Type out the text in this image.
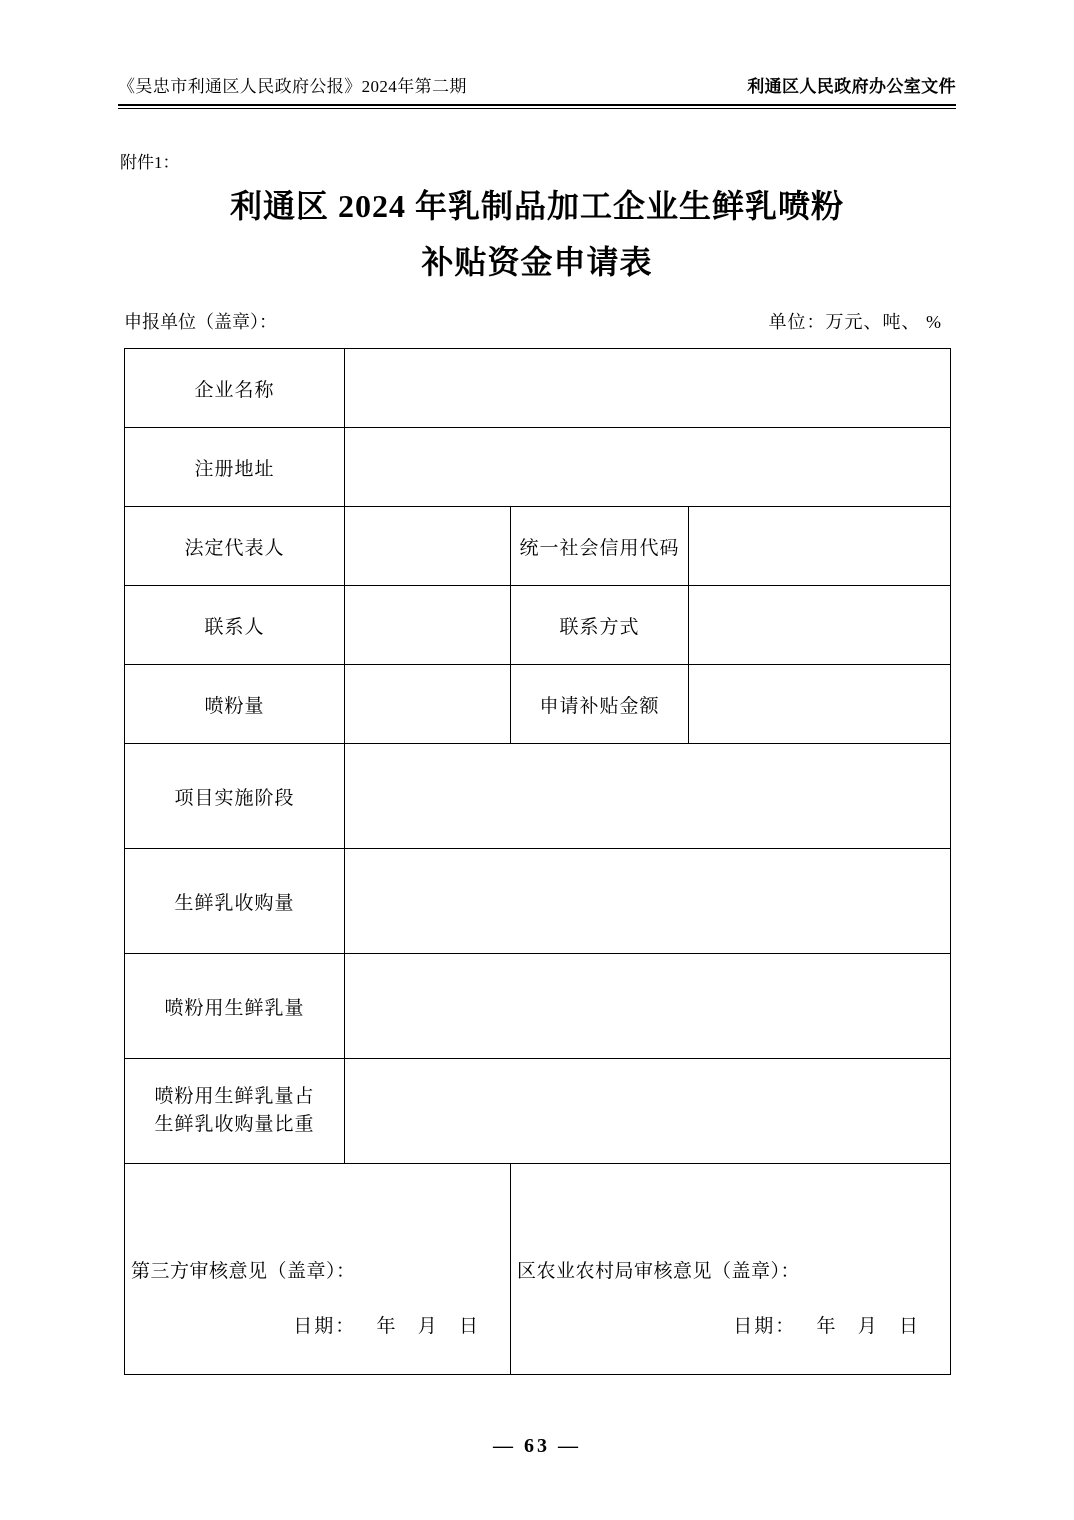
《吴忠市利通区人民政府公报》2024年第二期	利通区人民政府办公室文件
附件1：
利通区 2024 年乳制品加工企业生鲜乳喷粉
补贴资金申请表
申报单位（盖章）：	单位：万元、吨、 %
企业名称			
注册地址			
法定代表人		统一社会信用代码	
联系人		联系方式	
喷粉量		申请补贴金额	
项目实施阶段			
生鲜乳收购量			
喷粉用生鲜乳量			

喷粉用生鲜乳量占
生鲜乳收购量比重			

第三方审核意见（盖章）：
日期：   年   月   日

区农业农村局审核意见（盖章）：
日期：   年   月   日
— 63 —
